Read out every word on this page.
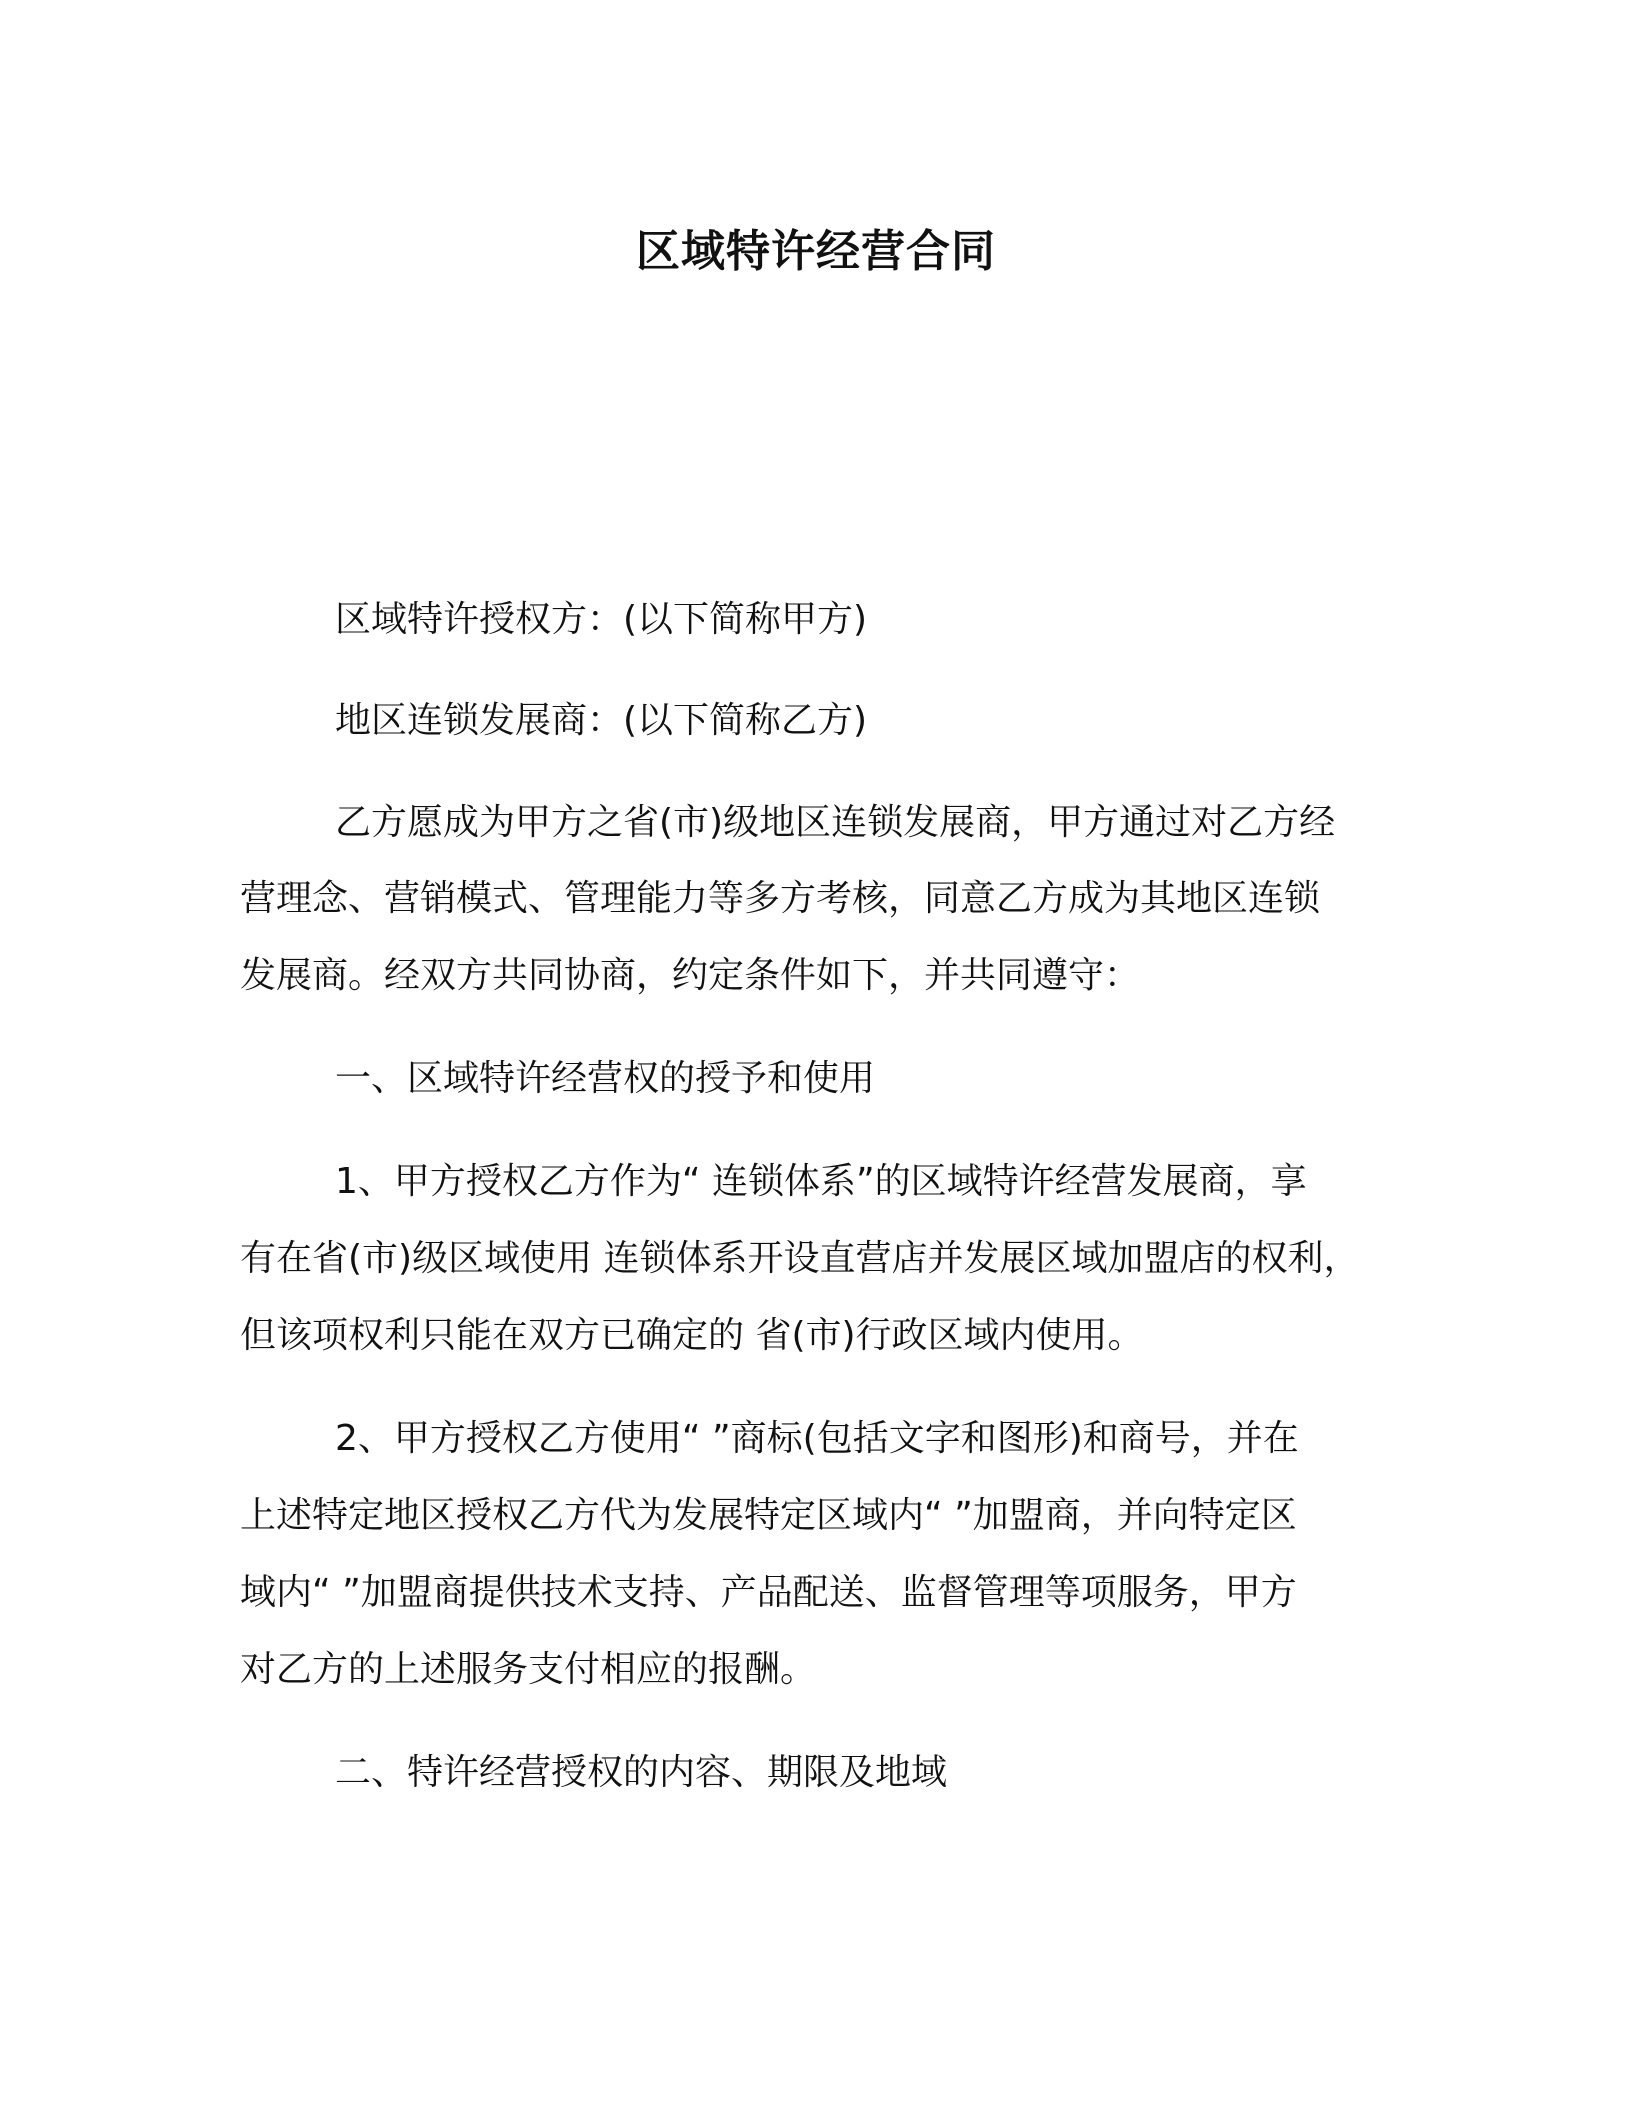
区域特许经营合同
区域特许授权方：(以下简称甲方)
地区连锁发展商：(以下简称乙方)
乙方愿成为甲方之省(市)级地区连锁发展商，甲方通过对乙方经
营理念、营销模式、管理能力等多方考核，同意乙方成为其地区连锁
发展商。经双方共同协商，约定条件如下，并共同遵守：
一、区域特许经营权的授予和使用
1、甲方授权乙方作为“ 连锁体系”的区域特许经营发展商，享
有在省(市)级区域使用 连锁体系开设直营店并发展区域加盟店的权利，
但该项权利只能在双方已确定的 省(市)行政区域内使用。
2、甲方授权乙方使用“ ”商标(包括文字和图形)和商号，并在
上述特定地区授权乙方代为发展特定区域内“ ”加盟商，并向特定区
域内“ ”加盟商提供技术支持、产品配送、监督管理等项服务，甲方
对乙方的上述服务支付相应的报酬。
二、特许经营授权的内容、期限及地域
